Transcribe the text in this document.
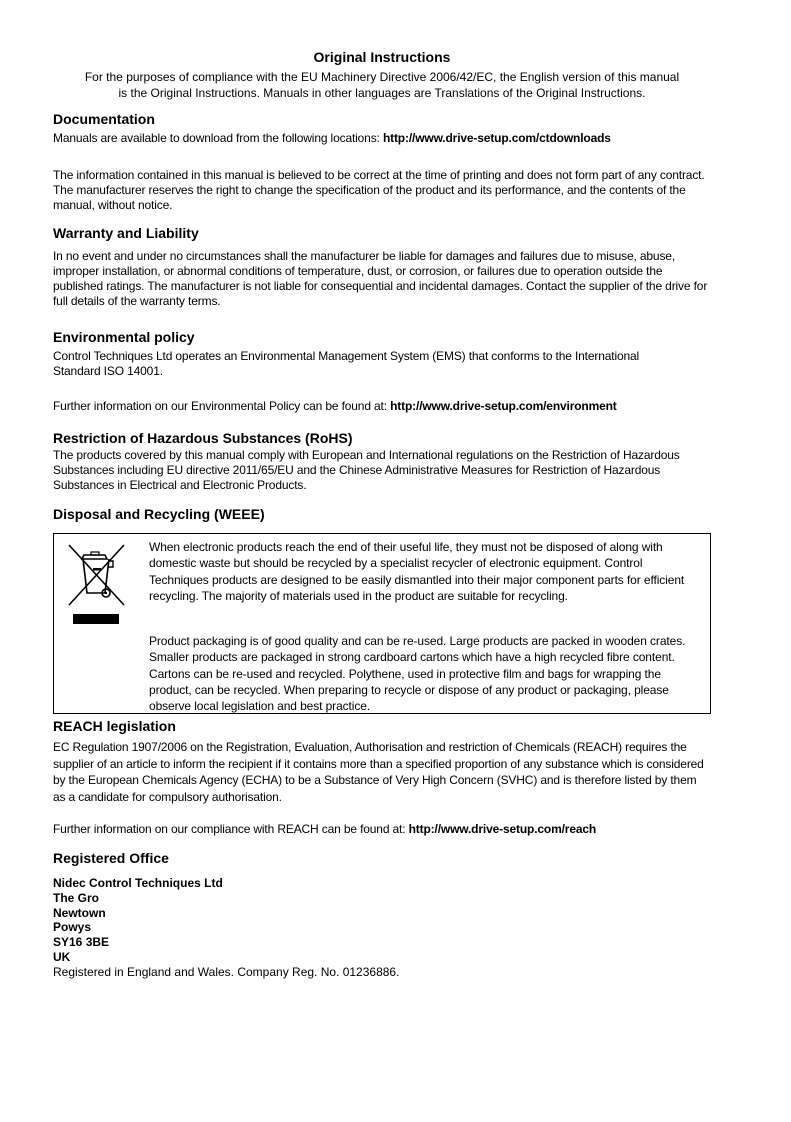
Original Instructions
For the purposes of compliance with the EU Machinery Directive 2006/42/EC, the English version of this manual
is the Original Instructions. Manuals in other languages are Translations of the Original Instructions.
Documentation
Manuals are available to download from the following locations: http://www.drive-setup.com/ctdownloads
The information contained in this manual is believed to be correct at the time of printing and does not form part of any contract. The manufacturer reserves the right to change the specification of the product and its performance, and the contents of the manual, without notice.
Warranty and Liability
In no event and under no circumstances shall the manufacturer be liable for damages and failures due to misuse, abuse, improper installation, or abnormal conditions of temperature, dust, or corrosion, or failures due to operation outside the published ratings. The manufacturer is not liable for consequential and incidental damages. Contact the supplier of the drive for full details of the warranty terms.
Environmental policy
Control Techniques Ltd operates an Environmental Management System (EMS) that conforms to the International Standard ISO 14001.
Further information on our Environmental Policy can be found at: http://www.drive-setup.com/environment
Restriction of Hazardous Substances (RoHS)
The products covered by this manual comply with European and International regulations on the Restriction of Hazardous Substances including EU directive 2011/65/EU and the Chinese Administrative Measures for Restriction of Hazardous Substances in Electrical and Electronic Products.
Disposal and Recycling (WEEE)
When electronic products reach the end of their useful life, they must not be disposed of along with domestic waste but should be recycled by a specialist recycler of electronic equipment. Control Techniques products are designed to be easily dismantled into their major component parts for efficient recycling. The majority of materials used in the product are suitable for recycling.
Product packaging is of good quality and can be re-used. Large products are packed in wooden crates. Smaller products are packaged in strong cardboard cartons which have a high recycled fibre content. Cartons can be re-used and recycled. Polythene, used in protective film and bags for wrapping the product, can be recycled. When preparing to recycle or dispose of any product or packaging, please observe local legislation and best practice.
REACH legislation
EC Regulation 1907/2006 on the Registration, Evaluation, Authorisation and restriction of Chemicals (REACH) requires the supplier of an article to inform the recipient if it contains more than a specified proportion of any substance which is considered by the European Chemicals Agency (ECHA) to be a Substance of Very High Concern (SVHC) and is therefore listed by them as a candidate for compulsory authorisation.
Further information on our compliance with REACH can be found at: http://www.drive-setup.com/reach
Registered Office
Nidec Control Techniques Ltd
The Gro
Newtown
Powys
SY16 3BE
UK
Registered in England and Wales. Company Reg. No. 01236886.
